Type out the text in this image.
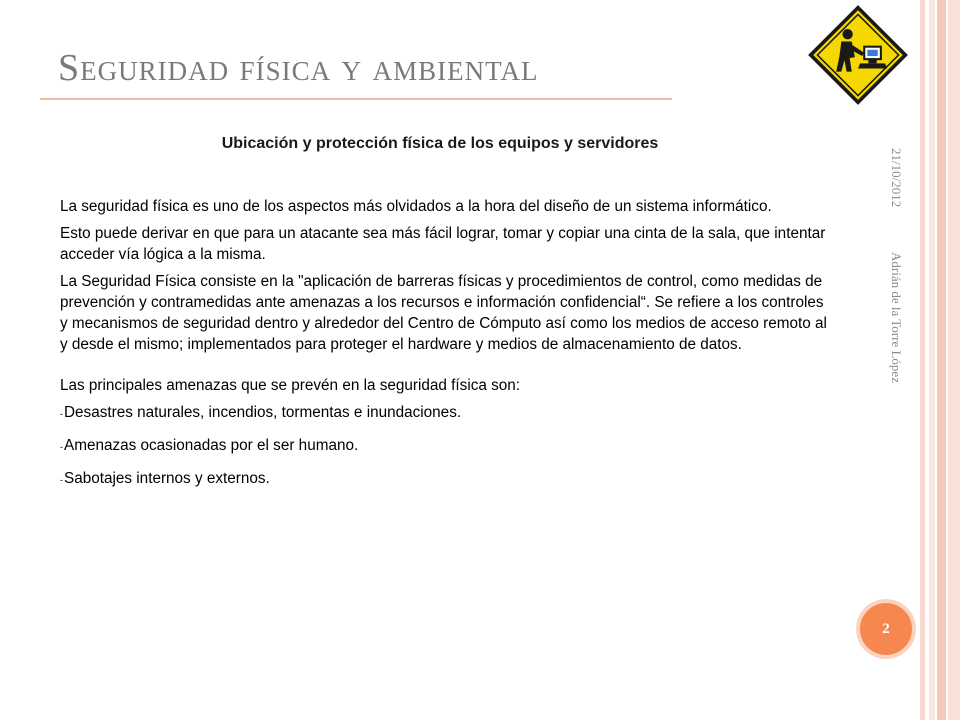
Seguridad física y ambiental
Ubicación y protección física de los equipos y servidores

La seguridad física es uno de los aspectos más olvidados a la hora del diseño de un sistema informático.

Esto puede derivar en que para un atacante sea más fácil lograr, tomar y copiar una cinta de la sala, que intentar acceder vía lógica a la misma.

La Seguridad Física consiste en la "aplicación de barreras físicas y procedimientos de control, como medidas de prevención y contramedidas ante amenazas a los recursos e información confidencial“. Se refiere a los controles y mecanismos de seguridad dentro y alrededor del Centro de Cómputo así como los medios de acceso remoto al y desde el mismo; implementados para proteger el hardware y medios de almacenamiento de datos.

Las principales amenazas que se prevén en la seguridad física son:

-Desastres naturales, incendios, tormentas e inundaciones.

-Amenazas ocasionadas por el ser humano.

-Sabotajes internos y externos.

21/10/2012
Adrián de la Torre López
2
